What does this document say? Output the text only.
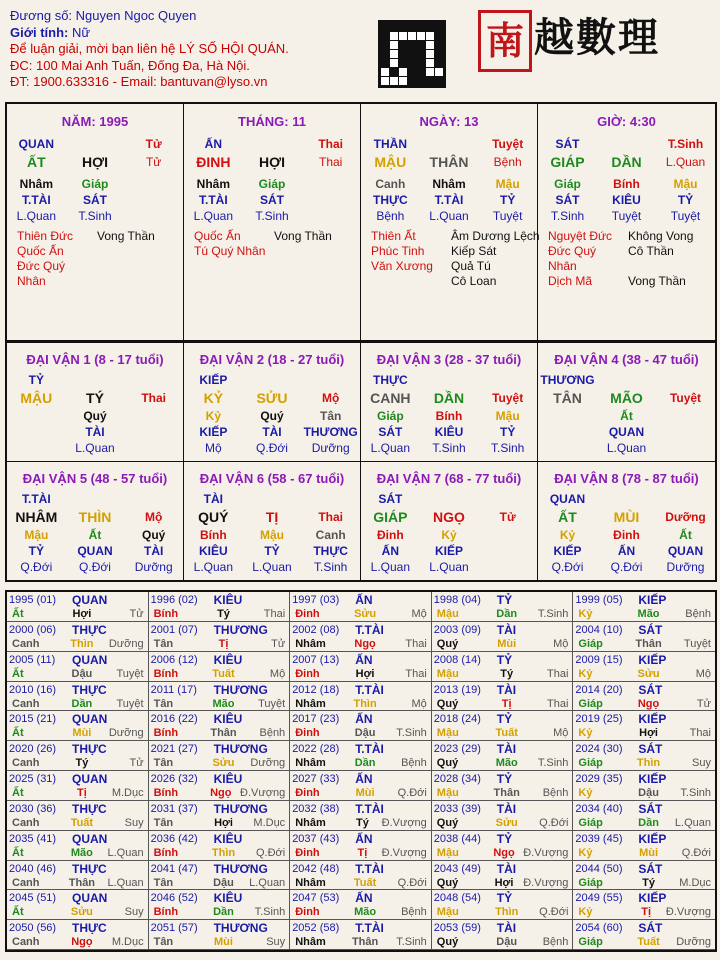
Đương số: Nguyen Ngoc Quyen
Giới tính: Nữ
Để luận giải, mời bạn liên hệ LÝ SỐ HỘI QUÁN.
ĐC: 100 Mai Anh Tuấn, Đống Đa, Hà Nội.
ĐT: 1900.633316 - Email: bantuvan@lyso.vn
南 越數理
NĂM: 1995
QUAN	Tử
ẤT	HỢI	Tử
Nhâm
T.TÀI
L.Quan
Giáp
SÁT
T.Sinh
Thiên Đức	Vong Thần
Quốc Ấn
Đức Quý Nhân
THÁNG: 11
ẤN	Thai
ĐINH	HỢI	Thai
Nhâm
T.TÀI
L.Quan
Giáp
SÁT
T.Sinh
Quốc Ấn	Vong Thần
Tú Quý Nhân
NGÀY: 13
THẦN	Tuyệt
MẬU	THÂN	Bệnh
Canh
THỰC
Bệnh
Nhâm
T.TÀI
L.Quan
Mậu
TỶ
Tuyệt
Thiên Ất	Âm Dương Lệch
Phúc Tinh	Kiếp Sát
Văn Xương	Quả Tú
Cô Loan
GIỜ: 4:30
SÁT	T.Sinh
GIÁP	DẦN	L.Quan
Giáp
SÁT
T.Sinh
Bính
KIÊU
Tuyệt
Mậu
TỶ
Tuyệt
Nguyệt Đức	Không Vong
Đức Quý Nhân
Cô Thần
Dịch Mã	Vong Thần
ĐẠI VẬN 1 (8 - 17 tuổi)
TỶ
MẬU	TÝ	Thai
Quý
TÀI
L.Quan
ĐẠI VẬN 2 (18 - 27 tuổi)
KIẾP
KỶ	SỬU	Mộ
Kỷ
KIẾP
Mộ
Quý
TÀI
Q.Đới
Tân
THƯƠNG
Dưỡng
ĐẠI VẬN 3 (28 - 37 tuổi)
THỰC
CANH	DẦN	Tuyệt
Giáp
SÁT
L.Quan
Bính
KIÊU
T.Sinh
Mậu
TỶ
T.Sinh
ĐẠI VẬN 4 (38 - 47 tuổi)
THƯƠNG
TÂN	MÃO	Tuyệt
Ất
QUAN
L.Quan
ĐẠI VẬN 5 (48 - 57 tuổi)
T.TÀI
NHÂM	THÌN	Mộ
Mậu
TỶ
Q.Đới
Ất
QUAN
Q.Đới
Quý
TÀI
Dưỡng
ĐẠI VẬN 6 (58 - 67 tuổi)
TÀI
QUÝ	TỊ	Thai
Bính
KIÊU
L.Quan
Mậu
TỶ
L.Quan
Canh
THỰC
T.Sinh
ĐẠI VẬN 7 (68 - 77 tuổi)
SÁT
GIÁP	NGỌ	Tử
Đinh
ẤN
L.Quan
Kỷ
KIẾP
L.Quan
ĐẠI VẬN 8 (78 - 87 tuổi)
QUAN
ẤT	MÙI	Dưỡng
Kỷ
KIẾP
Q.Đới
Đinh
ẤN
Q.Đới
Ất
QUAN
Dưỡng
1995 (01)	QUAN
Ất	Hợi	Tử
1996 (02)	KIÊU
Bính	Tý	Thai
1997 (03)	ẤN
Đinh	Sửu	Mộ
1998 (04)	TỶ
Mậu	Dần	T.Sinh
1999 (05)	KIẾP
Kỷ	Mão	Bệnh
2000 (06)	THỰC
Canh	Thìn	Dưỡng
2001 (07)	THƯƠNG
Tân	Tị	Tử
2002 (08)	T.TÀI
Nhâm	Ngọ	Thai
2003 (09)	TÀI
Quý	Mùi	Mộ
2004 (10)	SÁT
Giáp	Thân	Tuyệt
2005 (11)	QUAN
Ất	Dậu	Tuyệt
2006 (12)	KIÊU
Bính	Tuất	Mộ
2007 (13)	ẤN
Đinh	Hợi	Thai
2008 (14)	TỶ
Mậu	Tý	Thai
2009 (15)	KIẾP
Kỷ	Sửu	Mộ
2010 (16)	THỰC
Canh	Dần	Tuyệt
2011 (17)	THƯƠNG
Tân	Mão	Tuyệt
2012 (18)	T.TÀI
Nhâm	Thìn	Mộ
2013 (19)	TÀI
Quý	Tị	Thai
2014 (20)	SÁT
Giáp	Ngọ	Tử
2015 (21)	QUAN
Ất	Mùi	Dưỡng
2016 (22)	KIÊU
Bính	Thân	Bệnh
2017 (23)	ẤN
Đinh	Dậu	T.Sinh
2018 (24)	TỶ
Mậu	Tuất	Mộ
2019 (25)	KIẾP
Kỷ	Hợi	Thai
2020 (26)	THỰC
Canh	Tý	Tử
2021 (27)	THƯƠNG
Tân	Sửu	Dưỡng
2022 (28)	T.TÀI
Nhâm	Dần	Bệnh
2023 (29)	TÀI
Quý	Mão	T.Sinh
2024 (30)	SÁT
Giáp	Thìn	Suy
2025 (31)	QUAN
Ất	Tị	M.Dục
2026 (32)	KIÊU
Bính	Ngọ Đ.Vượng
2027 (33)	ẤN
Đinh	Mùi	Q.Đới
2028 (34)	TỶ
Mậu	Thân	Bệnh
2029 (35)	KIẾP
Kỷ	Dậu	T.Sinh
2030 (36)	THỰC
Canh	Tuất	Suy
2031 (37)	THƯƠNG
Tân	Hợi	M.Dục
2032 (38)	T.TÀI
Nhâm	Tý	Đ.Vượng
2033 (39)	TÀI
Quý	Sửu	Q.Đới
2034 (40)	SÁT
Giáp	Dần	L.Quan
2035 (41)	QUAN
Ất	Mão	L.Quan
2036 (42)	KIÊU
Bính	Thìn	Q.Đới
2037 (43)	ẤN
Đinh	Tị	Đ.Vượng
2038 (44)	TỶ
Mậu	Ngọ Đ.Vượng
2039 (45)	KIẾP
Kỷ	Mùi	Q.Đới
2040 (46)	THỰC
Canh	Thân	L.Quan
2041 (47)	THƯƠNG
Tân	Dậu	L.Quan
2042 (48)	T.TÀI
Nhâm	Tuất	Q.Đới
2043 (49)	TÀI
Quý	Hợi Đ.Vượng
2044 (50)	SÁT
Giáp	Tý	M.Dục
2045 (51)	QUAN
Ất	Sửu	Suy
2046 (52)	KIÊU
Bính	Dần	T.Sinh
2047 (53)	ẤN
Đinh	Mão	Bệnh
2048 (54)	TỶ
Mậu	Thìn	Q.Đới
2049 (55)	KIẾP
Kỷ	Tị	Đ.Vượng
2050 (56)	THỰC
Canh	Ngọ	M.Dục
2051 (57)	THƯƠNG
Tân	Mùi	Suy
2052 (58)	T.TÀI
Nhâm	Thân	T.Sinh
2053 (59)	TÀI
Quý	Dậu	Bệnh
2054 (60)	SÁT
Giáp	Tuất	Dưỡng
